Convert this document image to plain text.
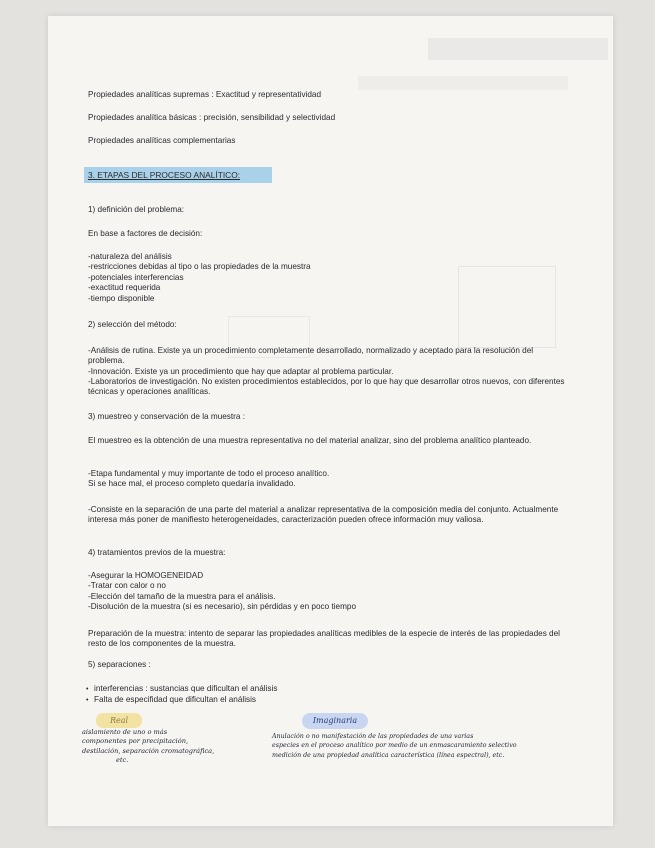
Propiedades analíticas supremas : Exactitud y representatividad

Propiedades analítica básicas : precisión, sensibilidad y selectividad

Propiedades analíticas complementarias

3. ETAPAS DEL PROCESO ANALÍTICO:

1) definición del problema:

En base a factores de decisión:

-naturaleza del análisis
-restricciones debidas al tipo o las propiedades de la muestra
-potenciales interferencias
-exactitud requerida
-tiempo disponible

2) selección del método:

-Análisis de rutina. Existe ya un procedimiento completamente desarrollado, normalizado y aceptado para la resolución del problema.

-Innovación. Existe ya un procedimiento que hay que adaptar al problema particular.

-Laboratorios de investigación. No existen procedimientos establecidos, por lo que hay que desarrollar otros nuevos, con diferentes técnicas y operaciones analíticas.

3) muestreo y conservación de la muestra :

El muestreo es la obtención de una muestra representativa no del material analizar, sino del problema analítico planteado.

-Etapa fundamental y muy importante de todo el proceso analítico.

Si se hace mal, el proceso completo quedaría invalidado.

-Consiste en la separación de una parte del material a analizar representativa de la composición media del conjunto. Actualmente interesa más poner de manifiesto heterogeneidades, caracterización pueden ofrece información muy valiosa.

4) tratamientos previos de la muestra:

-Asegurar la HOMOGENEIDAD
-Tratar con calor o no
-Elección del tamaño de la muestra para el análisis.
-Disolución de la muestra (si es necesario), sin pérdidas y en poco tiempo

Preparación de la muestra: intento de separar las propiedades analíticas medibles de la especie de interés de las propiedades del resto de los componentes de la muestra.

5) separaciones :

• interferencias : sustancias que dificultan el análisis
• Falta de especifidad que dificultan el análisis
Real
aislamiento de uno o más
componentes por precipitación,
destilación, separación cromatográfica,
etc.
Imaginaria
Anulación o no manifestación de las propiedades de una varias
especies en el proceso analítico por medio de un enmascaramiento selectivo
medición de una propiedad analítica característica (línea espectral), etc.
